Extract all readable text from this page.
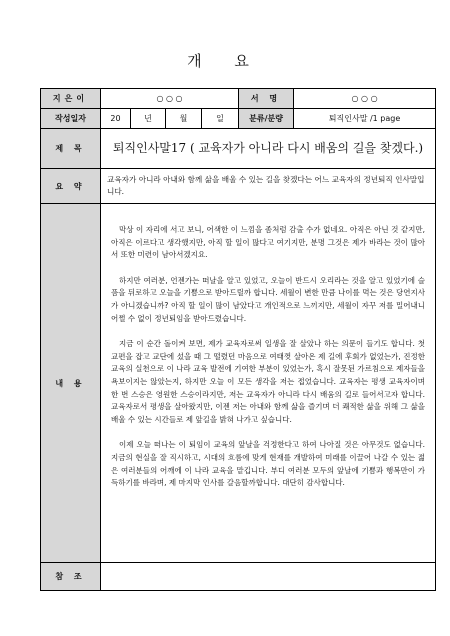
개 요
지은이	○ ○ ○				서 명	○ ○ ○
작성일자	20	년	월	일	분류/분량	퇴직인사말 /1 page
제 목	퇴직인사말17 ( 교육자가 아니라 다시 배움의 길을 찾겠다.)					
요 약	교육자가 아니라 아내와 함께 삶을 배울 수 있는 길을 찾겠다는 어느 교육자의 정년퇴직 인사말입니다.					
내 용	막상 이 자리에 서고 보니, 어색한 이 느낌을 좀처럼 감출 수가 없네요. 아직은 아닌 것 같지만, 아직은 이르다고 생각했지만, 아직 할 일이 많다고 여기지만, 분명 그것은 제가 바라는 것이 많아서 또한 미련이 남아서겠지요.

하지만 여러분, 언젠가는 떠날을 알고 있었고, 오늘이 반드시 오리라는 것을 알고 있었기에 슬픔을 뒤로하고 오늘을 기쁨으로 받아드릴까 합니다. 세월이 변한 만큼 나이를 먹는 것은 당연지사가 아니겠습니까? 아직 할 일이 많이 남았다고 개인적으로 느끼지만, 세월이 자꾸 저를 밀어내니 어쩔 수 없이 정년퇴임을 받아드렸습니다.

지금 이 순간 돌이켜 보면, 제가 교육자로써 일생을 잘 살았나 하는 의문이 들기도 합니다. 첫 교편을 잡고 교단에 섰을 때 그 떨렸던 마음으로 여태껏 살아온 제 길에 후회가 없었는가, 진정한 교육의 실천으로 이 나라 교육 발전에 기여한 부분이 있었는가, 혹시 잘못된 가르침으로 제자들을 욕보이지는 않았는지, 하지만 오늘 이 모든 생각을 저는 접었습니다. 교육자는 평생 교육자이며 한 번 스승은 영원한 스승이라지만, 저는 교육자가 아니라 다시 배움의 길로 들어서고자 합니다. 교육자로서 평생을 살아왔지만, 이젠 저는 아내와 함께 삶을 즐기며 더 쾌적한 삶을 위해 그 삶을 배울 수 있는 시간들로 제 앞길을 밝혀 나가고 싶습니다.

이제 오늘 떠나는 이 퇴임이 교육의 앞날을 걱정한다고 하여 나아질 것은 아무것도 없습니다. 지금의 현실을 잘 직시하고, 시대의 흐름에 맞게 현재를 개발하여 미래를 이끌어 나갈 수 있는 젊은 여러분들의 어깨에 이 나라 교육을 맡깁니다. 부디 여러분 모두의 앞날에 기쁨과 행복만이 가득하기를 바라며, 제 마지막 인사를 갈음할까합니다. 대단히 감사합니다.					

참 조						
